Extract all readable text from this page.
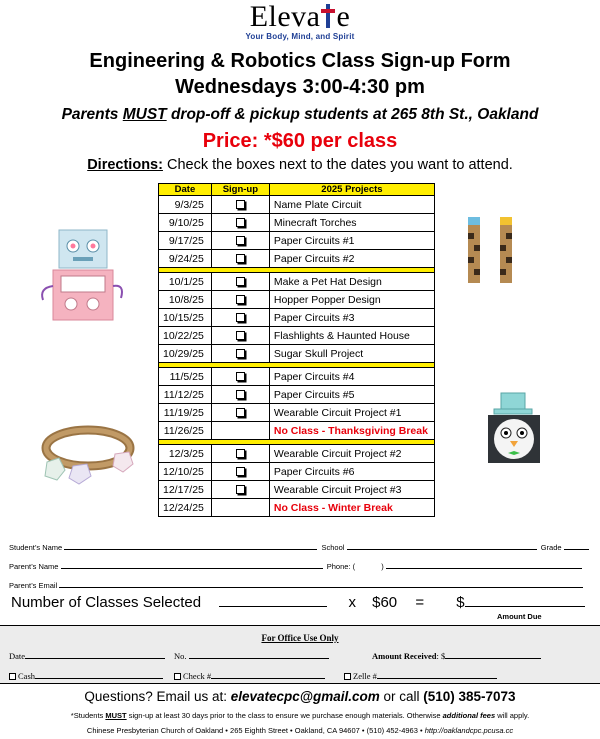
Eleva e
Your Body, Mind, and Spirit
Engineering & Robotics Class Sign-up Form
Wednesdays 3:00-4:30 pm
Parents MUST drop-off & pickup students at 265 8th St., Oakland
Price: *$60 per class
Directions: Check the boxes next to the dates you want to attend.
Date	Sign-up	2025 Projects
9/3/25		Name Plate Circuit
9/10/25		Minecraft Torches
9/17/25		Paper Circuits #1
9/24/25		Paper Circuits #2

10/1/25		Make a Pet Hat Design
10/8/25		Hopper Popper Design
10/15/25		Paper Circuits #3
10/22/25		Flashlights & Haunted House
10/29/25		Sugar Skull Project

11/5/25		Paper Circuits #4
11/12/25		Paper Circuits #5
11/19/25		Wearable Circuit Project #1
11/26/25		No Class - Thanksgiving Break

12/3/25		Wearable Circuit Project #2
12/10/25		Paper Circuits #6
12/17/25		Wearable Circuit Project #3
12/24/25		No Class - Winter Break
Student’s Name	School	Grade
Parent’s Name	Phone: (	)
Parent’s Email
Number of Classes Selected	x $60 = $
Amount Due
For Office Use Only
Date	No.	Amount Received: $
Cash	Check #	Zelle #
Questions? Email us at: elevatecpc@gmail.com or call (510) 385-7073
*Students MUST sign-up at least 30 days prior to the class to ensure we purchase enough materials. Otherwise additional fees will apply.
Chinese Presbyterian Church of Oakland • 265 Eighth Street • Oakland, CA 94607 • (510) 452-4963 • http://oaklandcpc.pcusa.cc
